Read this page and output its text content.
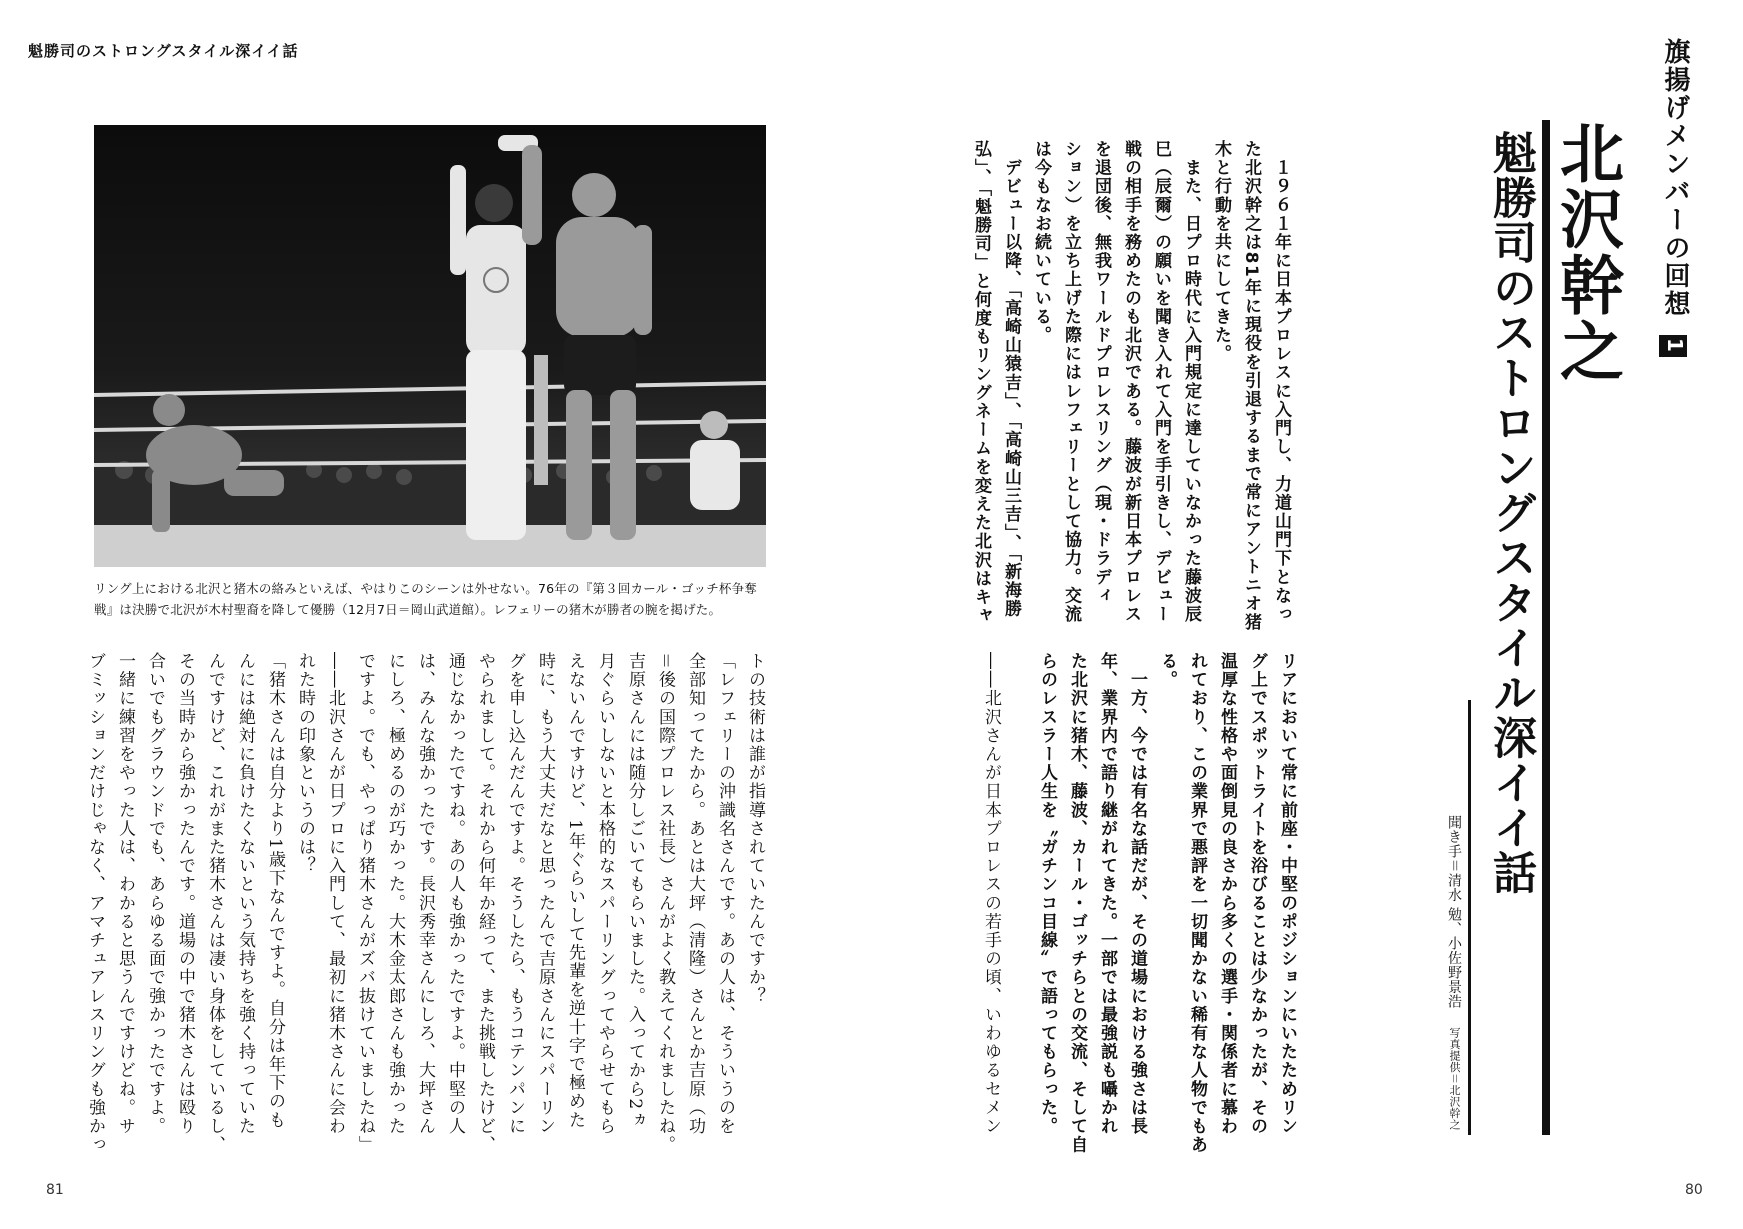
魁勝司のストロングスタイル深イイ話
リング上における北沢と猪木の絡みといえば、やはりこのシーンは外せない。76年の『第３回カール・ゴッチ杯争奪戦』は決勝で北沢が木村聖裔を降して優勝（12月7日＝岡山武道館）。レフェリーの猪木が勝者の腕を掲げた。	　１９６１年に日本プロレスに入門し、力道山門下となっ
た北沢幹之は81年に現役を引退するまで常にアントニオ猪
木と行動を共にしてきた。
　また、日プロ時代に入門規定に達していなかった藤波辰
巳（辰爾）の願いを聞き入れて入門を手引きし、デビュー
戦の相手を務めたのも北沢である。藤波が新日本プロレス
を退団後、無我ワールドプロレスリング（現・ドラディ
ション）を立ち上げた際にはレフェリーとして協力。交流
は今もなお続いている。
　デビュー以降、「高崎山猿吉」、「高崎山三吉」、「新海勝
弘」、「魁勝司」と何度もリングネームを変えた北沢はキャ
リアにおいて常に前座・中堅のポジションにいたためリン
グ上でスポットライトを浴びることは少なかったが、その
温厚な性格や面倒見の良さから多くの選手・関係者に慕わ
れており、この業界で悪評を一切聞かない稀有な人物でもあ
る。
　一方、今では有名な話だが、その道場における強さは長
年、業界内で語り継がれてきた。一部では最強説も囁かれ
た北沢に猪木、藤波、カール・ゴッチらとの交流、そして自
らのレスラー人生を〝ガチンコ目線〟で語ってもらった。
――北沢さんが日本プロレスの若手の頃、いわゆるセメン
トの技術は誰が指導されていたんですか？
「レフェリーの沖識名さんです。あの人は、そういうのを
全部知ってたから。あとは大坪（清隆）さんとか吉原（功
＝後の国際プロレス社長）さんがよく教えてくれましたね。
吉原さんには随分しごいてもらいました。入ってから2ヵ
月ぐらいしないと本格的なスパーリングってやらせてもら
えないんですけど、1年ぐらいして先輩を逆十字で極めた
時に、もう大丈夫だなと思ったんで吉原さんにスパーリン
グを申し込んだんですよ。そうしたら、もうコテンパンに
やられまして。それから何年か経って、また挑戦したけど、
通じなかったですね。あの人も強かったですよ。中堅の人
は、みんな強かったです。長沢秀幸さんにしろ、大坪さん
にしろ、極めるのが巧かった。大木金太郎さんも強かった
ですよ。でも、やっぱり猪木さんがズバ抜けていましたね」
――北沢さんが日プロに入門して、最初に猪木さんに会わ
れた時の印象というのは？
「猪木さんは自分より1歳下なんですよ。自分は年下のも
んには絶対に負けたくないという気持ちを強く持っていた
んですけど、これがまた猪木さんは凄い身体をしているし、
その当時から強かったんです。道場の中で猪木さんは殴り
合いでもグラウンドでも、あらゆる面で強かったですよ。
一緒に練習をやった人は、わかると思うんですけどね。サ
ブミッションだけじゃなく、アマチュアレスリングも強かっ
旗揚げメンバーの回想 1
北沢幹之
魁勝司のストロングスタイル深イイ話
聞き手＝清水 勉、小佐野景浩 写真提供＝北沢幹之
81	80
